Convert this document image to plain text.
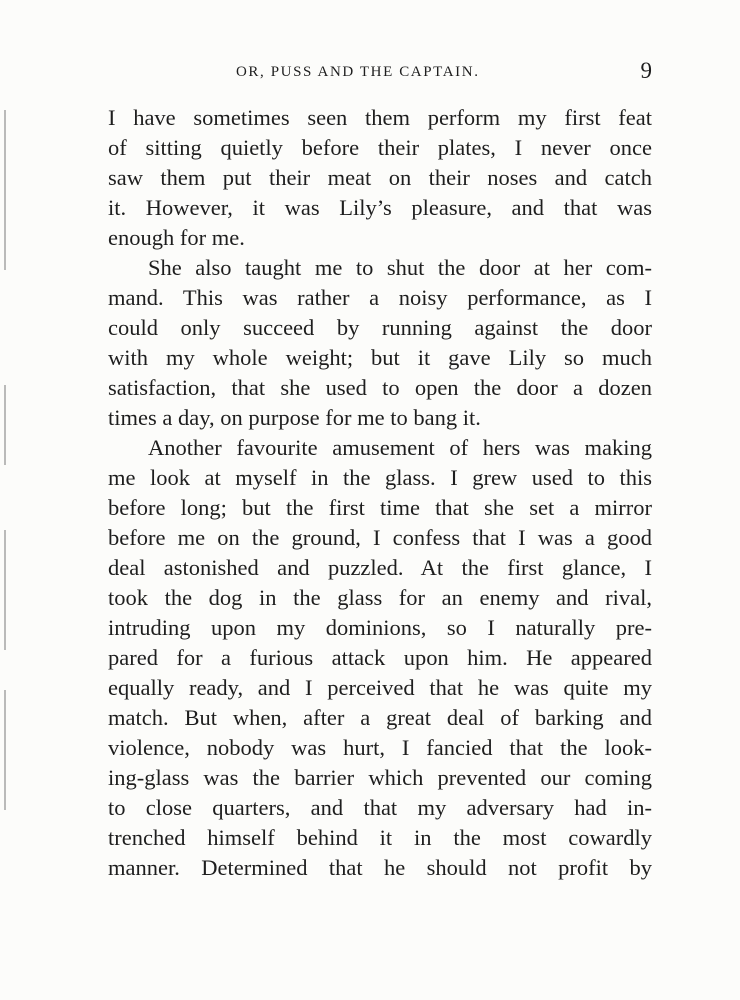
OR, PUSS AND THE CAPTAIN.	9
I have sometimes seen them perform my first feat
of sitting quietly before their plates, I never once
saw them put their meat on their noses and catch
it. However, it was Lily’s pleasure, and that was
enough for me.
She also taught me to shut the door at her com-
mand. This was rather a noisy performance, as I
could only succeed by running against the door
with my whole weight; but it gave Lily so much
satisfaction, that she used to open the door a dozen
times a day, on purpose for me to bang it.
Another favourite amusement of hers was making
me look at myself in the glass. I grew used to this
before long; but the first time that she set a mirror
before me on the ground, I confess that I was a good
deal astonished and puzzled. At the first glance, I
took the dog in the glass for an enemy and rival,
intruding upon my dominions, so I naturally pre-
pared for a furious attack upon him. He appeared
equally ready, and I perceived that he was quite my
match. But when, after a great deal of barking and
violence, nobody was hurt, I fancied that the look-
ing-glass was the barrier which prevented our coming
to close quarters, and that my adversary had in-
trenched himself behind it in the most cowardly
manner. Determined that he should not profit by
